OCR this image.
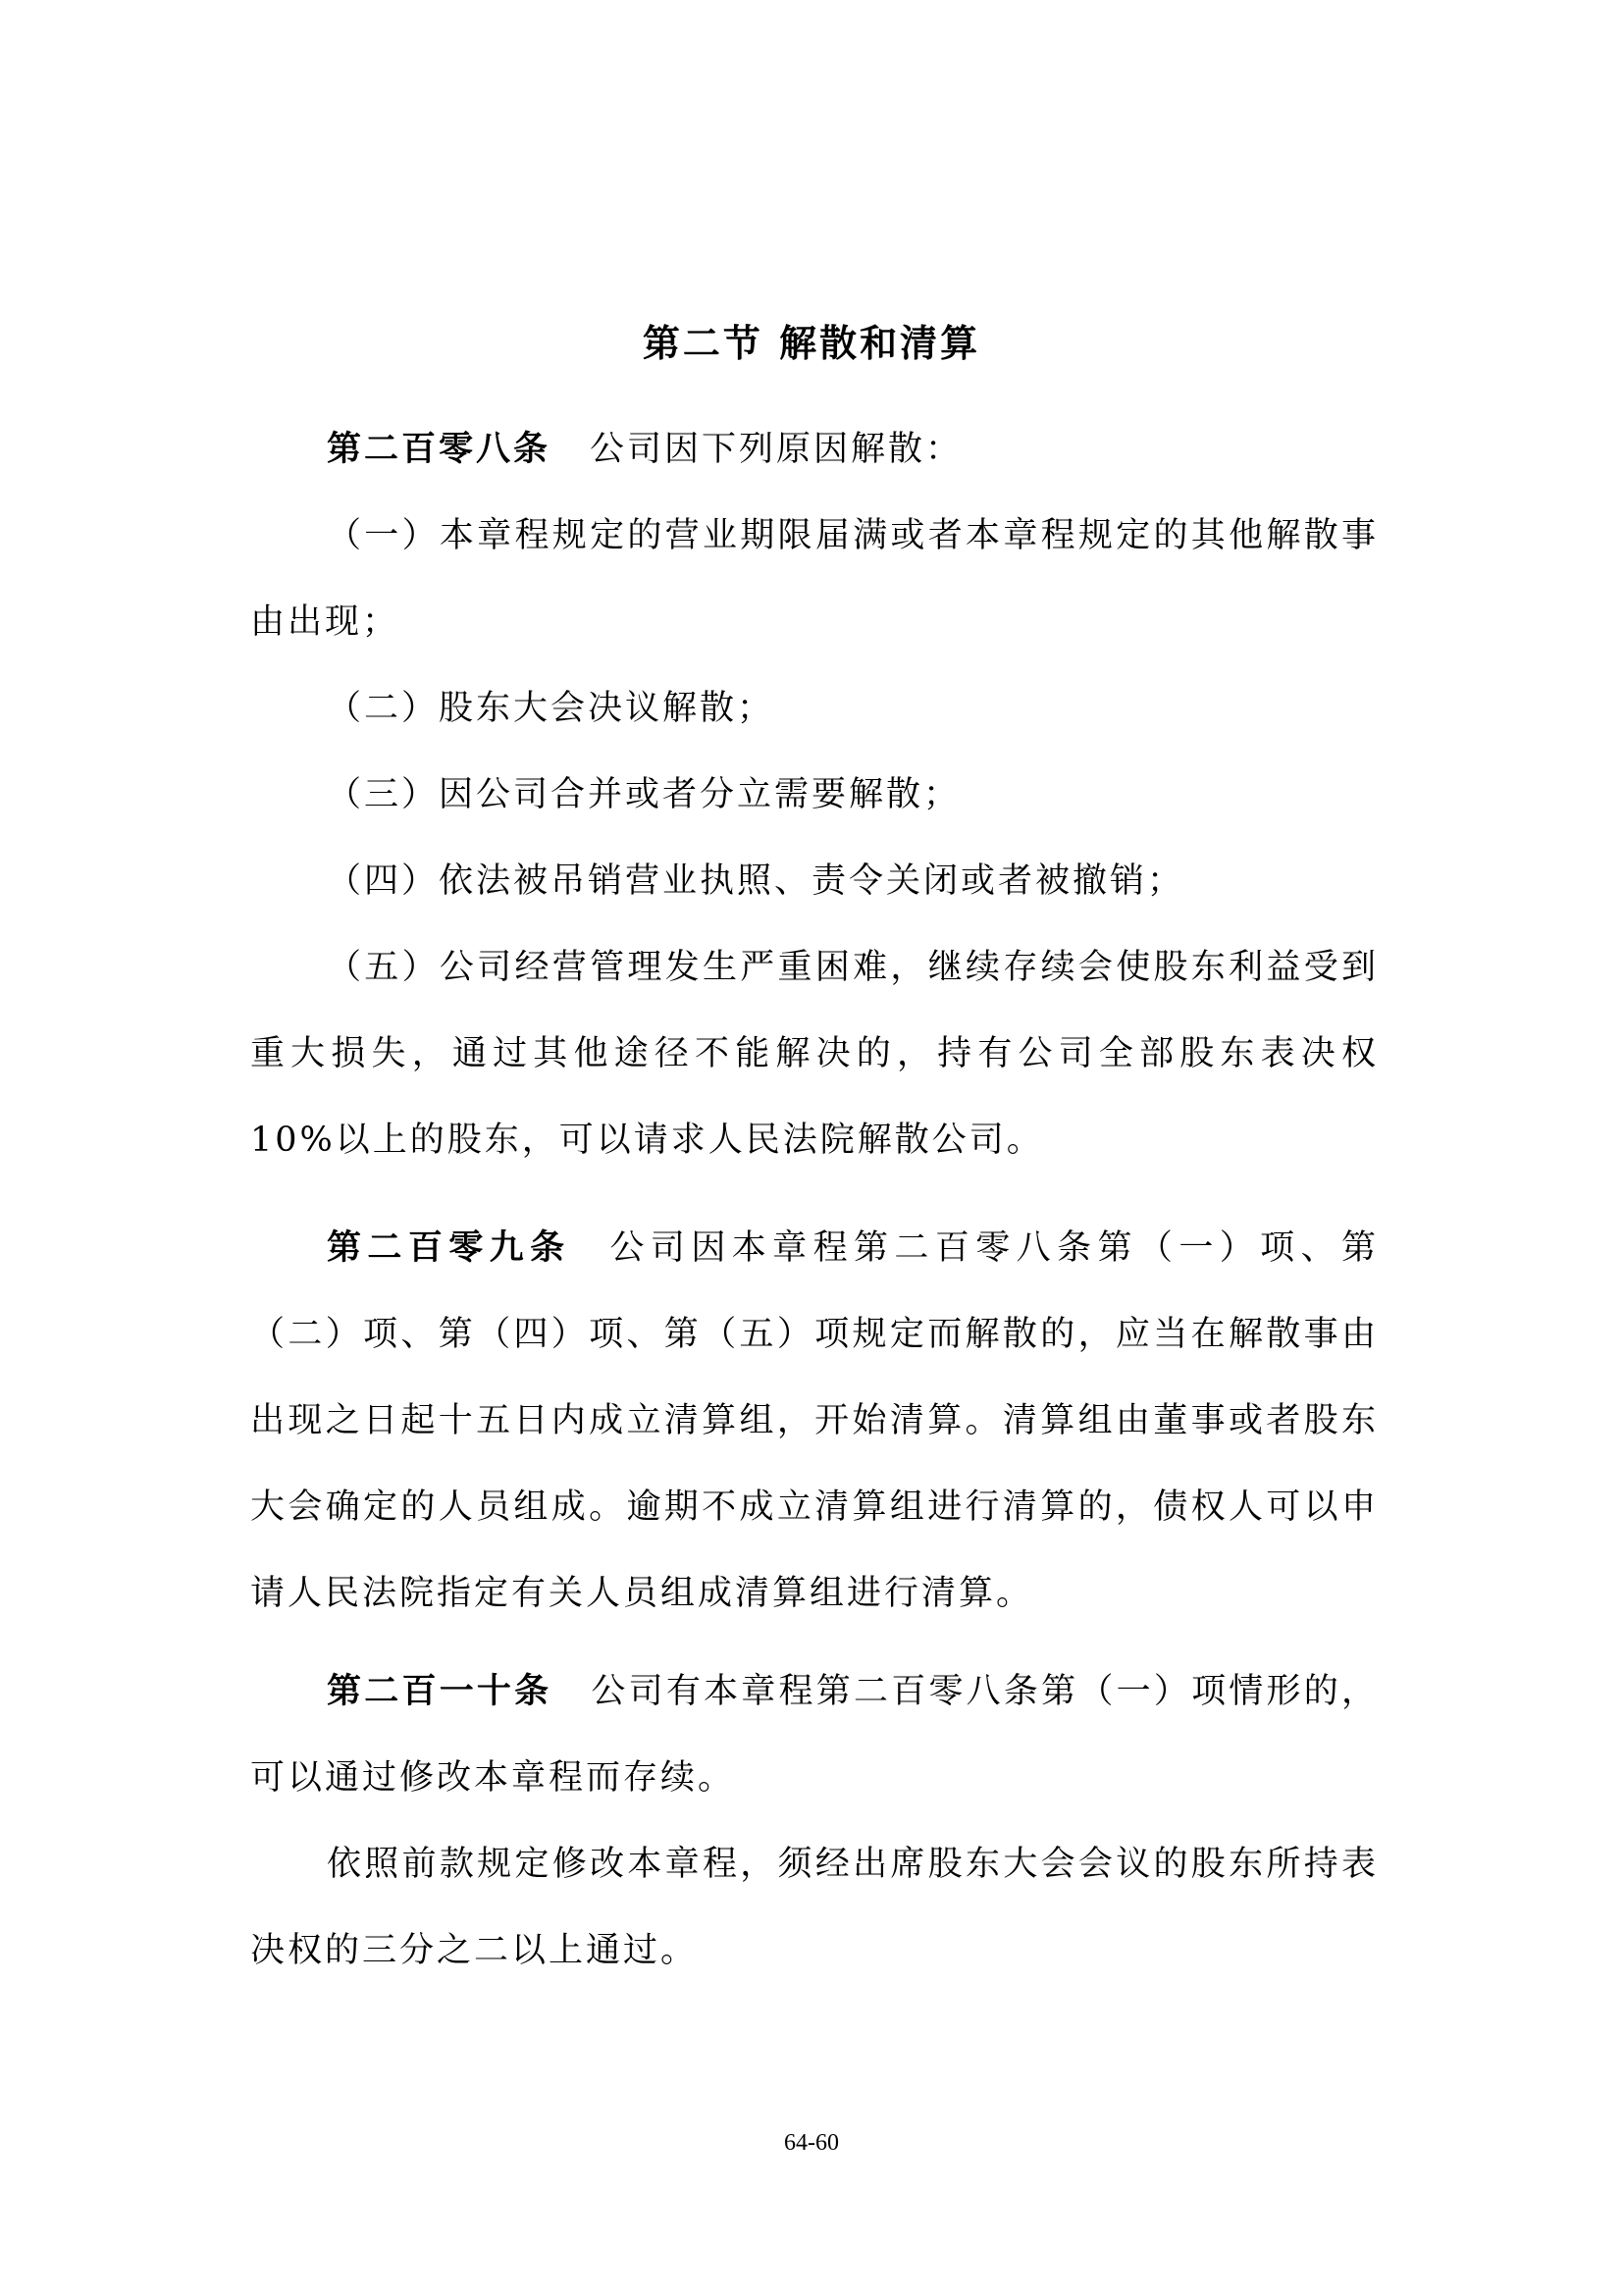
第二节 解散和清算

第二百零八条 公司因下列原因解散：

（一）本章程规定的营业期限届满或者本章程规定的其他解散事由出现；

（二）股东大会决议解散；

（三）因公司合并或者分立需要解散；

（四）依法被吊销营业执照、责令关闭或者被撤销；

（五）公司经营管理发生严重困难，继续存续会使股东利益受到重大损失，通过其他途径不能解决的，持有公司全部股东表决权 10%以上的股东，可以请求人民法院解散公司。

第二百零九条 公司因本章程第二百零八条第（一）项、第（二）项、第（四）项、第（五）项规定而解散的，应当在解散事由出现之日起十五日内成立清算组，开始清算。清算组由董事或者股东大会确定的人员组成。逾期不成立清算组进行清算的，债权人可以申请人民法院指定有关人员组成清算组进行清算。

第二百一十条 公司有本章程第二百零八条第（一）项情形的，可以通过修改本章程而存续。

依照前款规定修改本章程，须经出席股东大会会议的股东所持表决权的三分之二以上通过。

64-60
